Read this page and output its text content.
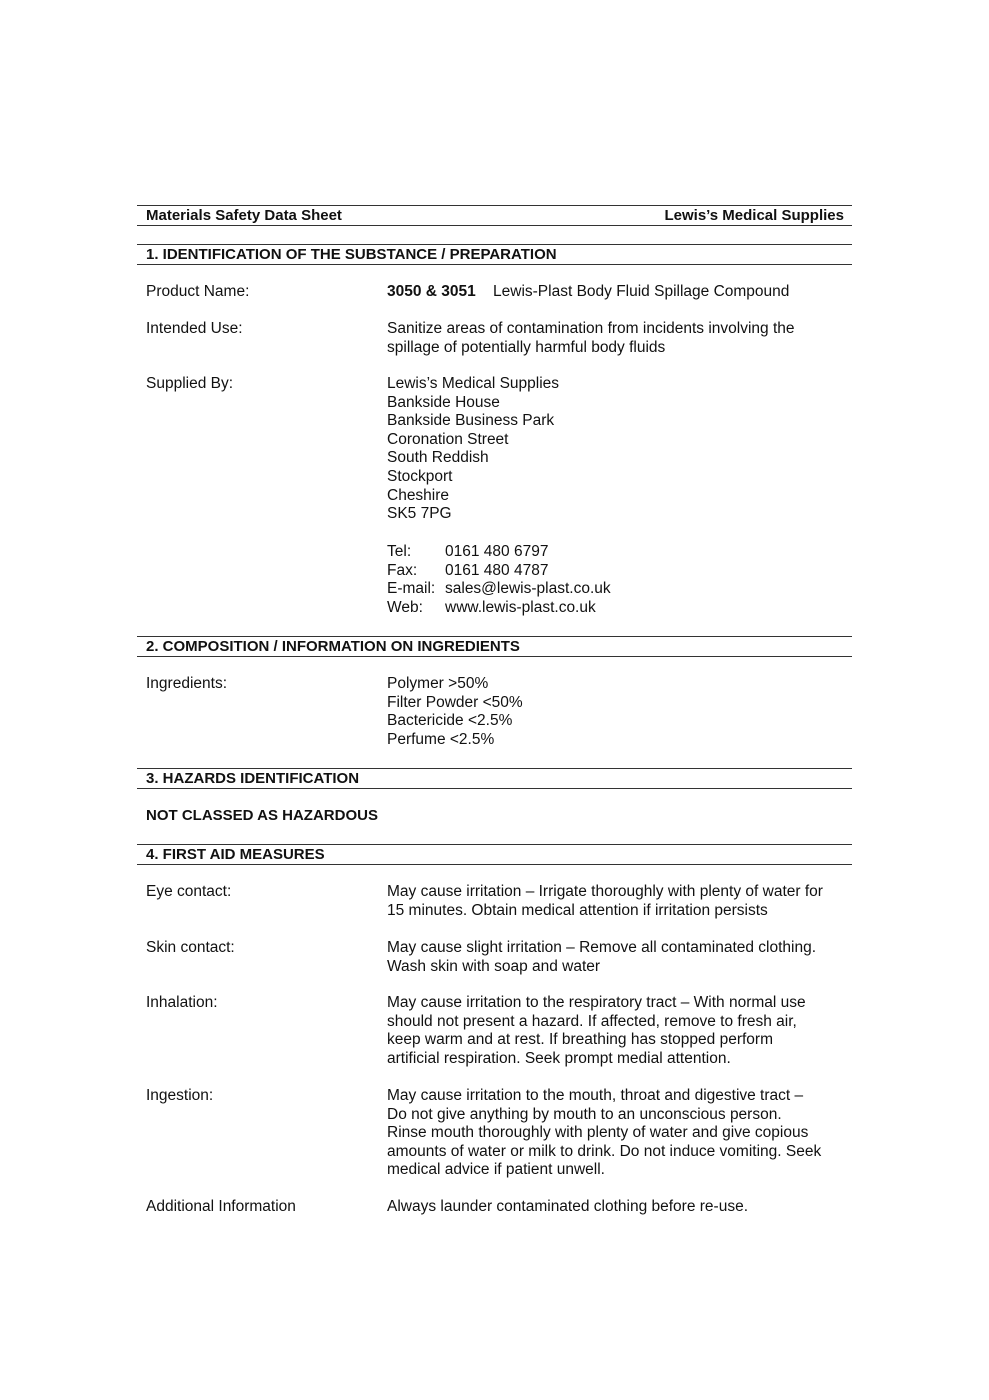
Materials Safety Data Sheet	Lewis’s Medical Supplies
1. IDENTIFICATION OF THE SUBSTANCE / PREPARATION
Product Name:	3050 & 3051 Lewis-Plast Body Fluid Spillage Compound
Intended Use:	Sanitize areas of contamination from incidents involving the
spillage of potentially harmful body fluids
Supplied By:	Lewis’s Medical Supplies
Bankside House
Bankside Business Park
Coronation Street
South Reddish
Stockport
Cheshire
SK5 7PG
Tel: 0161 480 6797
Fax: 0161 480 4787
E-mail: sales@lewis-plast.co.uk
Web: www.lewis-plast.co.uk
2. COMPOSITION / INFORMATION ON INGREDIENTS
Ingredients:	Polymer >50%
Filter Powder <50%
Bactericide <2.5%
Perfume <2.5%
3. HAZARDS IDENTIFICATION
NOT CLASSED AS HAZARDOUS
4. FIRST AID MEASURES
Eye contact:	May cause irritation – Irrigate thoroughly with plenty of water for
15 minutes. Obtain medical attention if irritation persists
Skin contact:	May cause slight irritation – Remove all contaminated clothing.
Wash skin with soap and water
Inhalation:	May cause irritation to the respiratory tract – With normal use
should not present a hazard. If affected, remove to fresh air,
keep warm and at rest. If breathing has stopped perform
artificial respiration. Seek prompt medial attention.
Ingestion:	May cause irritation to the mouth, throat and digestive tract –
Do not give anything by mouth to an unconscious person.
Rinse mouth thoroughly with plenty of water and give copious
amounts of water or milk to drink. Do not induce vomiting. Seek
medical advice if patient unwell.
Additional Information	Always launder contaminated clothing before re-use.
